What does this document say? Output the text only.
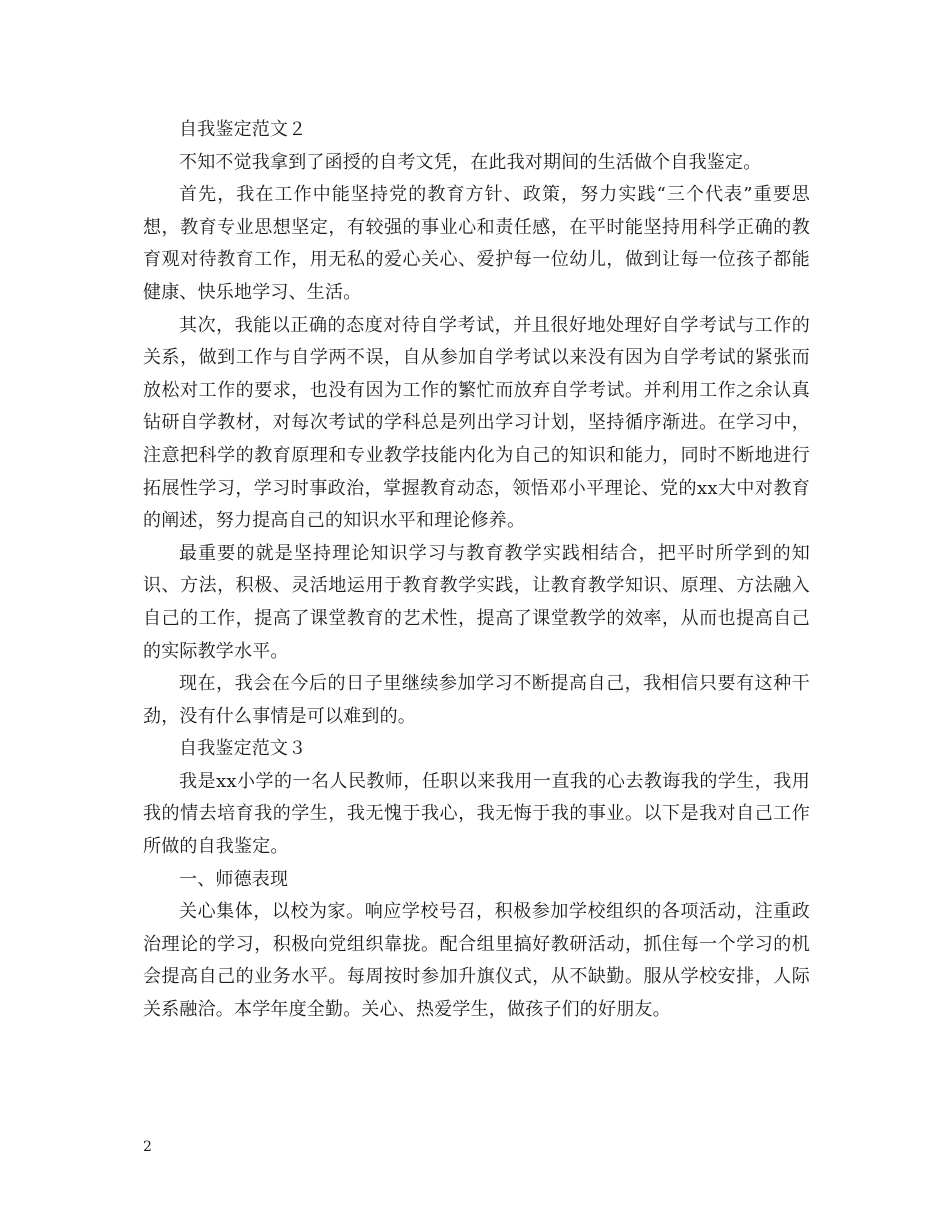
自我鉴定范文２

不知不觉我拿到了函授的自考文凭，在此我对期间的生活做个自我鉴定。

首先，我在工作中能坚持党的教育方针、政策，努力实践“三个代表”重要思想，教育专业思想坚定，有较强的事业心和责任感，在平时能坚持用科学正确的教育观对待教育工作，用无私的爱心关心、爱护每一位幼儿，做到让每一位孩子都能健康、快乐地学习、生活。

其次，我能以正确的态度对待自学考试，并且很好地处理好自学考试与工作的关系，做到工作与自学两不误，自从参加自学考试以来没有因为自学考试的紧张而放松对工作的要求，也没有因为工作的繁忙而放弃自学考试。并利用工作之余认真钻研自学教材，对每次考试的学科总是列出学习计划，坚持循序渐进。在学习中，注意把科学的教育原理和专业教学技能内化为自己的知识和能力，同时不断地进行拓展性学习，学习时事政治，掌握教育动态，领悟邓小平理论、党的xx大中对教育的阐述，努力提高自己的知识水平和理论修养。

最重要的就是坚持理论知识学习与教育教学实践相结合，把平时所学到的知识、方法，积极、灵活地运用于教育教学实践，让教育教学知识、原理、方法融入自己的工作，提高了课堂教育的艺术性，提高了课堂教学的效率，从而也提高自己的实际教学水平。

现在，我会在今后的日子里继续参加学习不断提高自己，我相信只要有这种干劲，没有什么事情是可以难到的。

自我鉴定范文３

我是xx小学的一名人民教师，任职以来我用一直我的心去教诲我的学生，我用我的情去培育我的学生，我无愧于我心，我无悔于我的事业。以下是我对自己工作所做的自我鉴定。

一、师德表现

关心集体，以校为家。响应学校号召，积极参加学校组织的各项活动，注重政治理论的学习，积极向党组织靠拢。配合组里搞好教研活动，抓住每一个学习的机会提高自己的业务水平。每周按时参加升旗仪式，从不缺勤。服从学校安排，人际关系融洽。本学年度全勤。关心、热爱学生，做孩子们的好朋友。

2
